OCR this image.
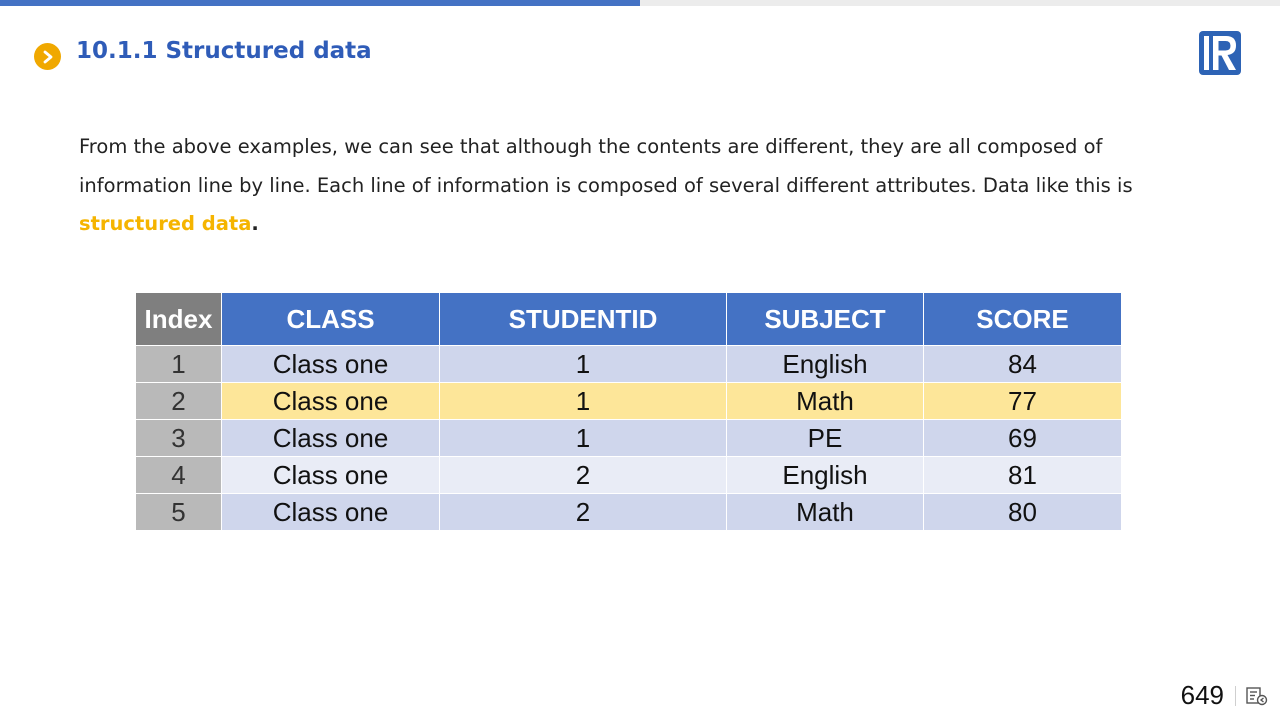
10.1.1 Structured data

From the above examples, we can see that although the contents are different, they are all composed of information line by line. Each line of information is composed of several different attributes. Data like this is structured data.

Index	CLASS	STUDENTID	SUBJECT	SCORE
1	Class one	1	English	84
2	Class one	1	Math	77
3	Class one	1	PE	69
4	Class one	2	English	81
5	Class one	2	Math	80
649
